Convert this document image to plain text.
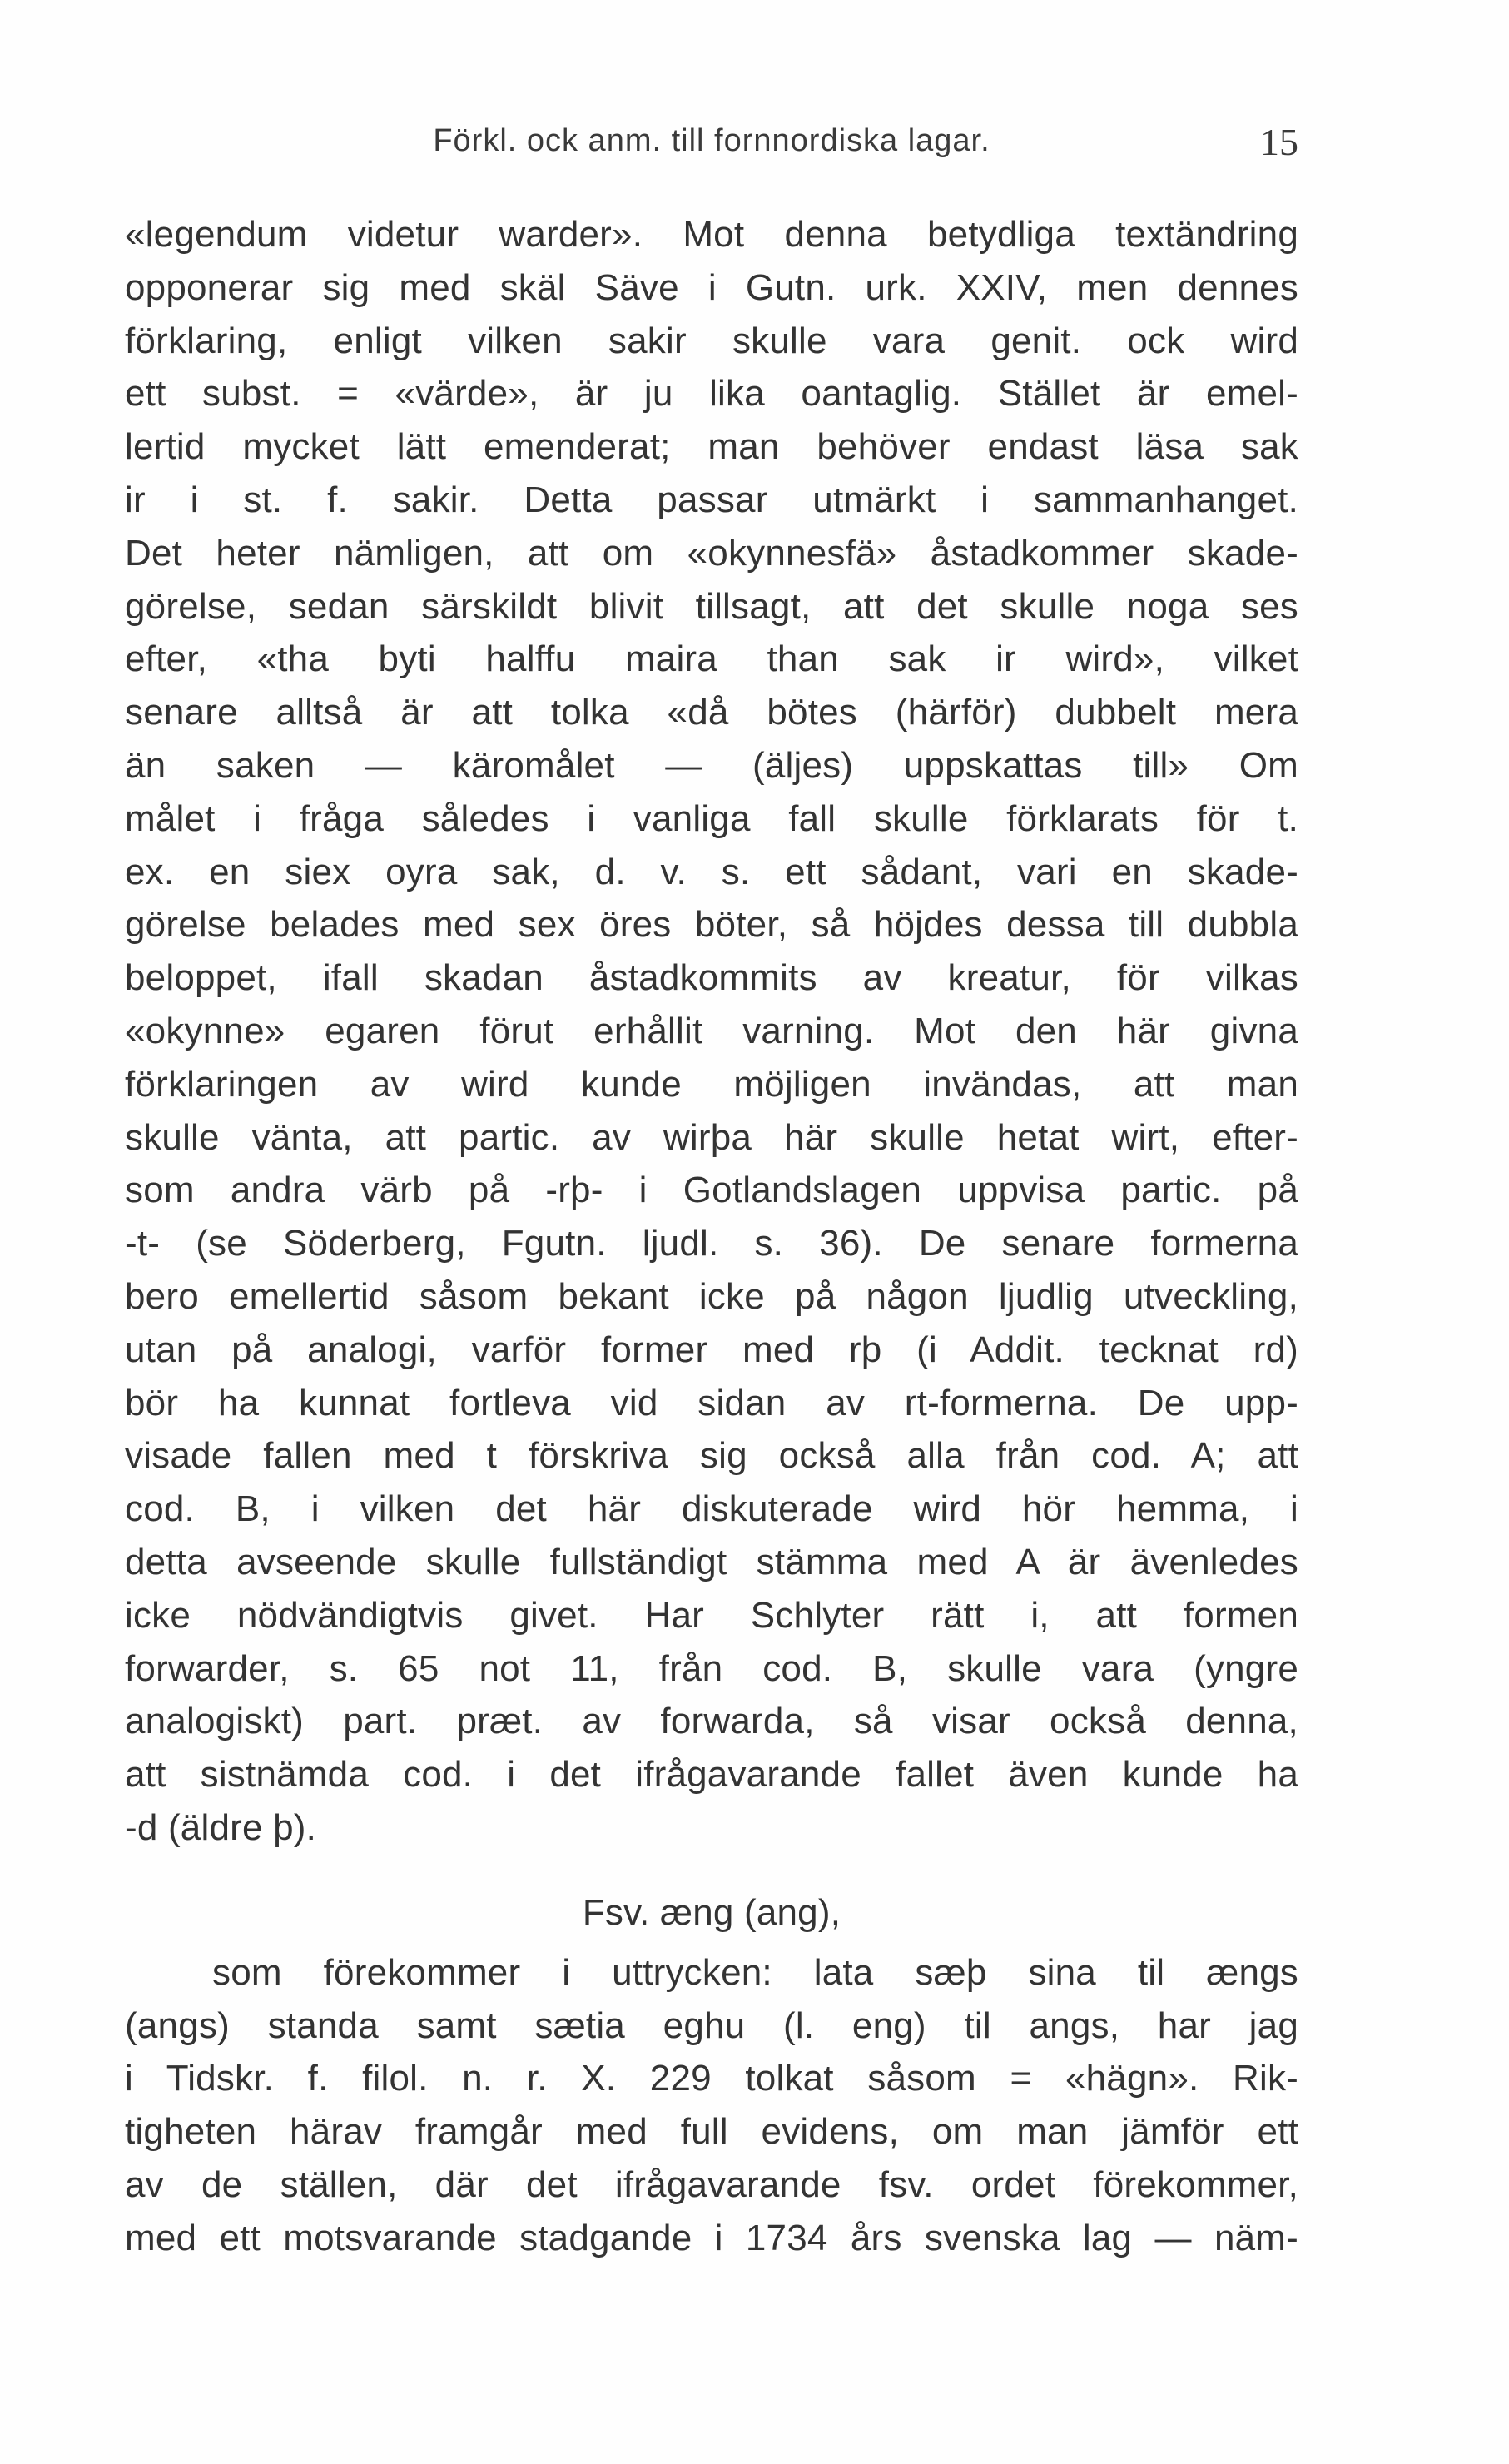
Förkl. ock anm. till fornnordiska lagar.	15
«legendum videtur warder». Mot denna betydliga textändring
opponerar sig med skäl Säve i Gutn. urk. XXIV, men dennes
förklaring, enligt vilken sakir skulle vara genit. ock wird
ett subst. = «värde», är ju lika oantaglig. Stället är emel-
lertid mycket lätt emenderat; man behöver endast läsa sak
ir i st. f. sakir. Detta passar utmärkt i sammanhanget.
Det heter nämligen, att om «okynnesfä» åstadkommer skade-
görelse, sedan särskildt blivit tillsagt, att det skulle noga ses
efter, «tha byti halffu maira than sak ir wird», vilket
senare alltså är att tolka «då bötes (härför) dubbelt mera
än saken — käromålet — (äljes) uppskattas till» Om
målet i fråga således i vanliga fall skulle förklarats för t.
ex. en siex oyra sak, d. v. s. ett sådant, vari en skade-
görelse belades med sex öres böter, så höjdes dessa till dubbla
beloppet, ifall skadan åstadkommits av kreatur, för vilkas
«okynne» egaren förut erhållit varning. Mot den här givna
förklaringen av wird kunde möjligen invändas, att man
skulle vänta, att partic. av wirþa här skulle hetat wirt, efter-
som andra värb på -rþ- i Gotlandslagen uppvisa partic. på
-t- (se Söderberg, Fgutn. ljudl. s. 36). De senare formerna
bero emellertid såsom bekant icke på någon ljudlig utveckling,
utan på analogi, varför former med rþ (i Addit. tecknat rd)
bör ha kunnat fortleva vid sidan av rt-formerna. De upp-
visade fallen med t förskriva sig också alla från cod. A; att
cod. B, i vilken det här diskuterade wird hör hemma, i
detta avseende skulle fullständigt stämma med A är ävenledes
icke nödvändigtvis givet. Har Schlyter rätt i, att formen
forwarder, s. 65 not 11, från cod. B, skulle vara (yngre
analogiskt) part. præt. av forwarda, så visar också denna,
att sistnämda cod. i det ifrågavarande fallet även kunde ha
-d (äldre þ).
Fsv. æng (ang),
som förekommer i uttrycken: lata sæþ sina til ængs
(angs) standa samt sætia eghu (l. eng) til angs, har jag
i Tidskr. f. filol. n. r. X. 229 tolkat såsom = «hägn». Rik-
tigheten härav framgår med full evidens, om man jämför ett
av de ställen, där det ifrågavarande fsv. ordet förekommer,
med ett motsvarande stadgande i 1734 års svenska lag — näm-
